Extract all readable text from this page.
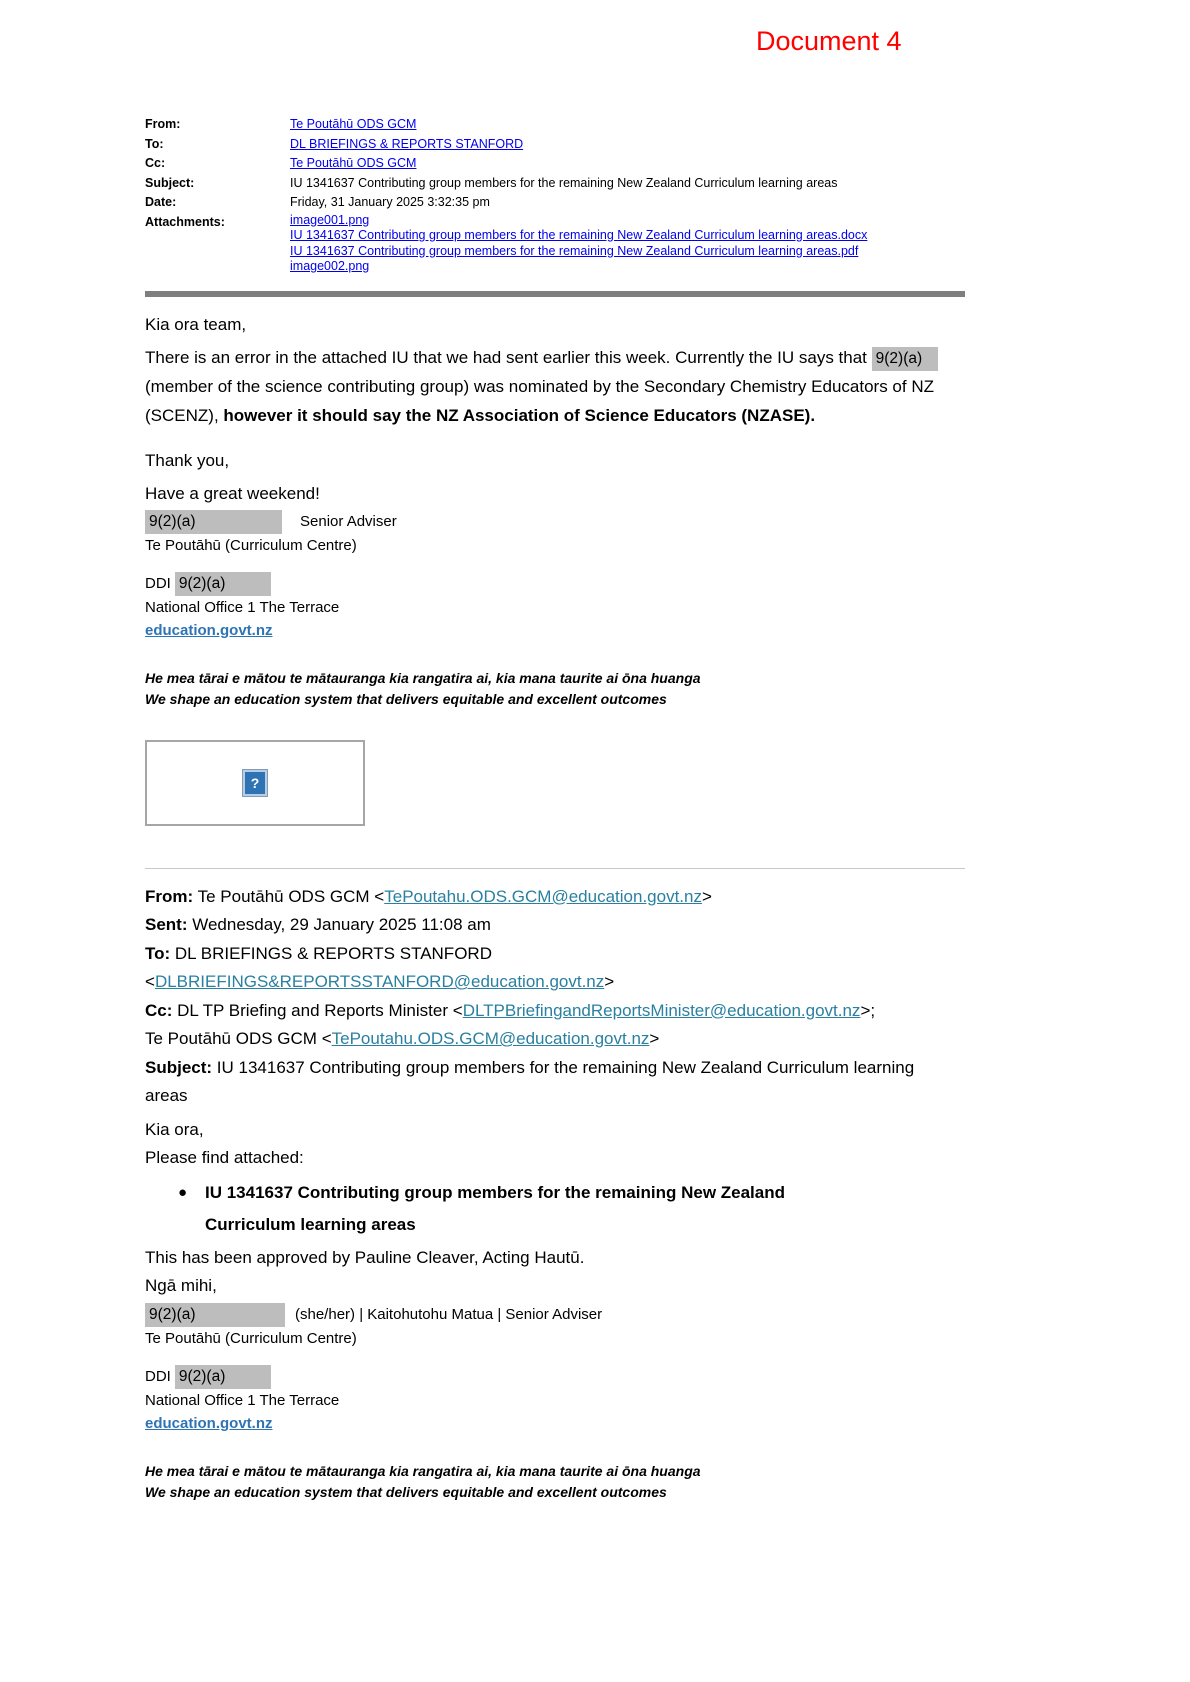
Document 4
From:	Te Poutāhū ODS GCM
To:	DL BRIEFINGS & REPORTS STANFORD
Cc:	Te Poutāhū ODS GCM
Subject:	IU 1341637 Contributing group members for the remaining New Zealand Curriculum learning areas
Date:	Friday, 31 January 2025 3:32:35 pm
Attachments:	image001.png
IU 1341637 Contributing group members for the remaining New Zealand Curriculum learning areas.docx
IU 1341637 Contributing group members for the remaining New Zealand Curriculum learning areas.pdf
image002.png

Kia ora team,

There is an error in the attached IU that we had sent earlier this week. Currently the IU says that 9(2)(a) (member of the science contributing group) was nominated by the Secondary Chemistry Educators of NZ (SCENZ), however it should say the NZ Association of Science Educators (NZASE).

Thank you,

Have a great weekend!

9(2)(a)	Senior Adviser
Te Poutāhū (Curriculum Centre)
DDI 9(2)(a)
National Office 1 The Terrace
education.govt.nz
He mea tārai e mātou te mātauranga kia rangatira ai, kia mana taurite ai ōna huanga
We shape an education system that delivers equitable and excellent outcomes
?

From: Te Poutāhū ODS GCM <TePoutahu.ODS.GCM@education.govt.nz>

Sent: Wednesday, 29 January 2025 11:08 am

To: DL BRIEFINGS & REPORTS STANFORD

<DLBRIEFINGS&REPORTSSTANFORD@education.govt.nz>

Cc: DL TP Briefing and Reports Minister <DLTPBriefingandReportsMinister@education.govt.nz>;

Te Poutāhū ODS GCM <TePoutahu.ODS.GCM@education.govt.nz>

Subject: IU 1341637 Contributing group members for the remaining New Zealand Curriculum learning areas

Kia ora,

Please find attached:

●	IU 1341637 Contributing group members for the remaining New Zealand Curriculum learning areas

This has been approved by Pauline Cleaver, Acting Hautū.

Ngā mihi,

9(2)(a)	(she/her) | Kaitohutohu Matua | Senior Adviser
Te Poutāhū (Curriculum Centre)
DDI 9(2)(a)
National Office 1 The Terrace
education.govt.nz
He mea tārai e mātou te mātauranga kia rangatira ai, kia mana taurite ai ōna huanga
We shape an education system that delivers equitable and excellent outcomes
